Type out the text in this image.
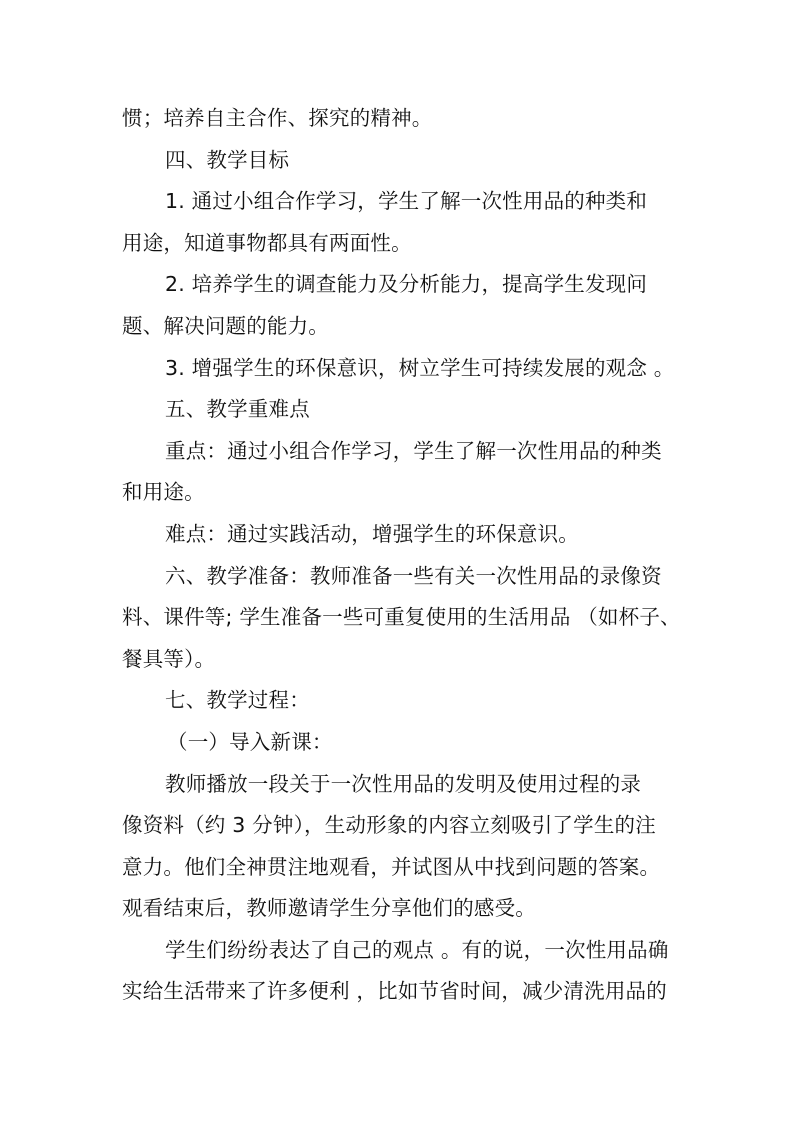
惯；培养自主合作、探究的精神。
四、教学目标
1. 通过小组合作学习，学生了解一次性用品的种类和
用途，知道事物都具有两面性。
2. 培养学生的调查能力及分析能力，提高学生发现问
题、解决问题的能力。
3. 增强学生的环保意识，树立学生可持续发展的观念 。
五、教学重难点
重点：通过小组合作学习，学生了解一次性用品的种类
和用途。
难点：通过实践活动，增强学生的环保意识。
六、教学准备：教师准备一些有关一次性用品的录像资
料、课件等; 学生准备一些可重复使用的生活用品 （如杯子、
餐具等）。
七、教学过程：
（一）导入新课：
教师播放一段关于一次性用品的发明及使用过程的录
像资料（约 3 分钟），生动形象的内容立刻吸引了学生的注
意力。他们全神贯注地观看，并试图从中找到问题的答案。
观看结束后，教师邀请学生分享他们的感受。
学生们纷纷表达了自己的观点 。有的说，一次性用品确
实给生活带来了许多便利 ，比如节省时间，减少清洗用品的
